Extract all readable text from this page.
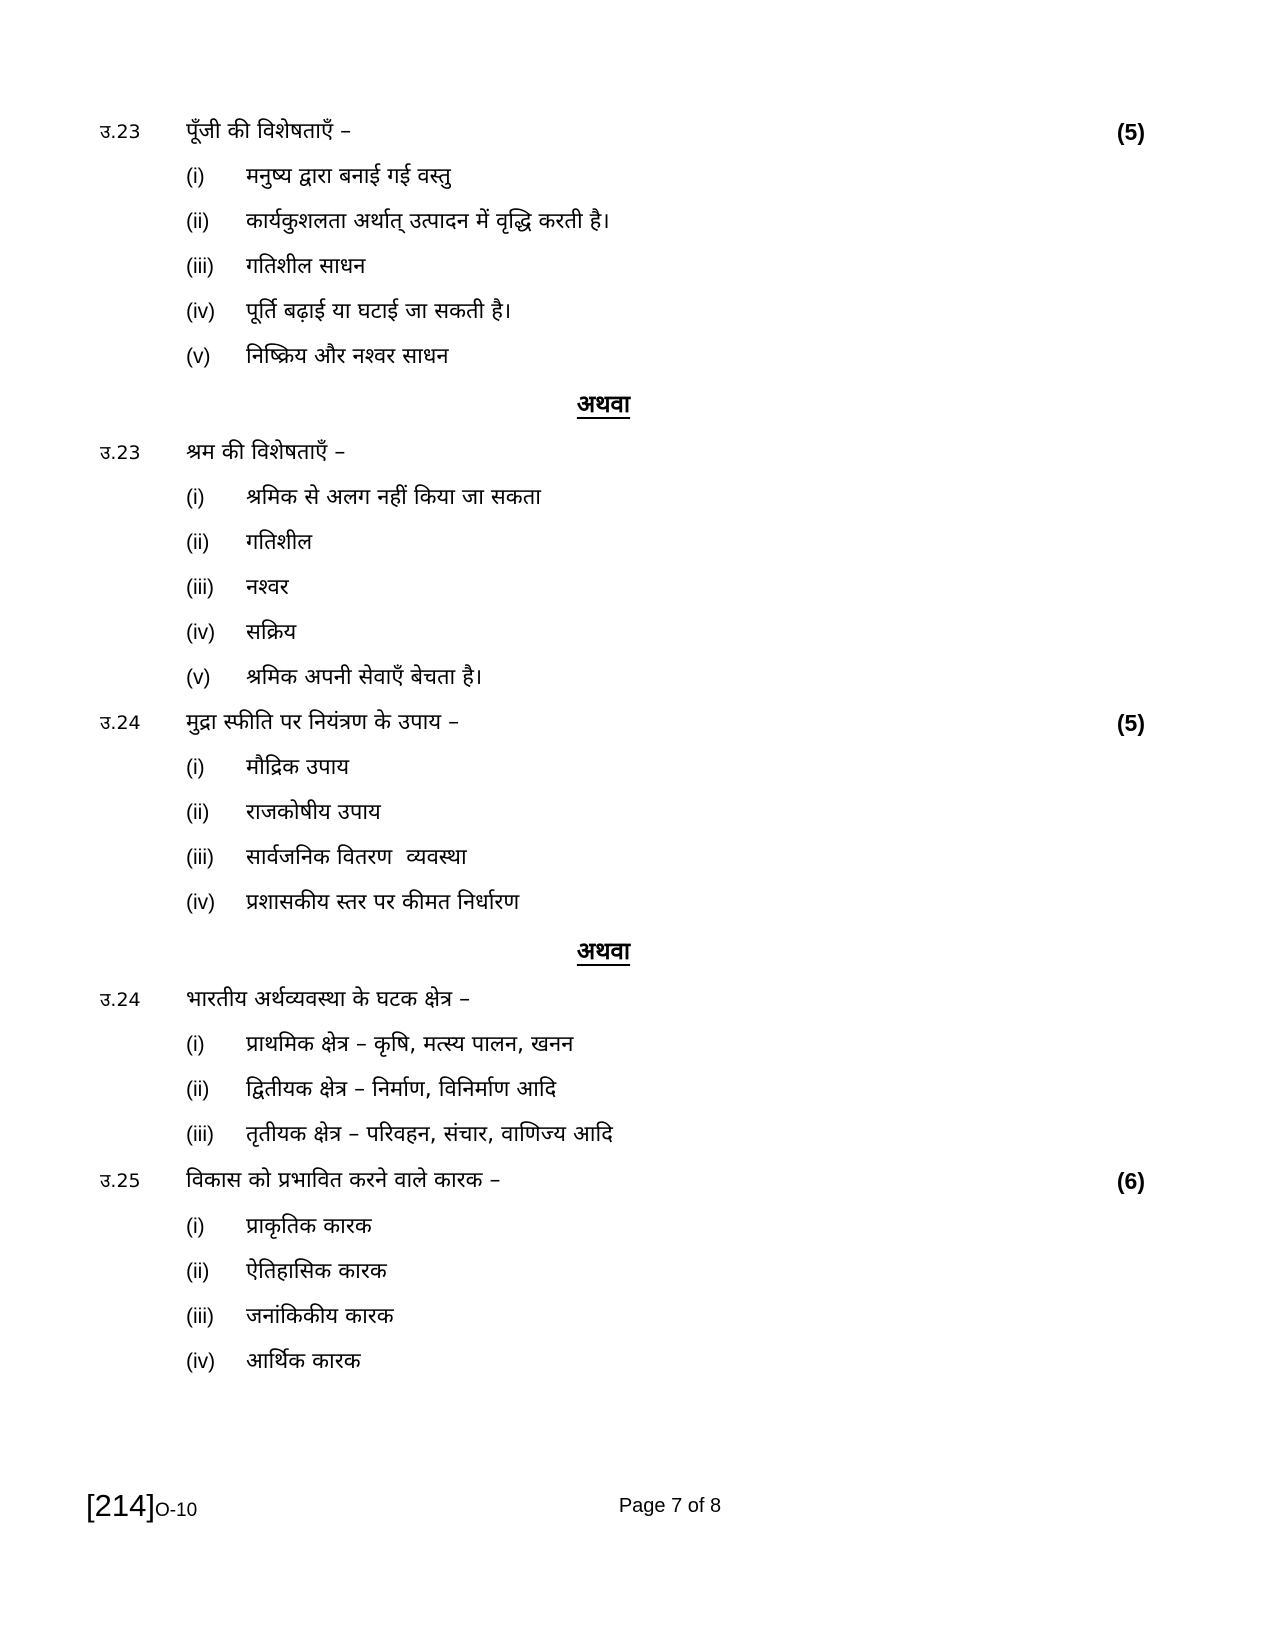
उ.23	पूँजी की विशेषताएँ –	(5)
(i) मनुष्य द्वारा बनाई गई वस्तु
(ii) कार्यकुशलता अर्थात् उत्पादन में वृद्धि करती है।
(iii) गतिशील साधन
(iv) पूर्ति बढ़ाई या घटाई जा सकती है।
(v) निष्क्रिय और नश्वर साधन
अथवा
उ.23	श्रम की विशेषताएँ –
(i) श्रमिक से अलग नहीं किया जा सकता
(ii) गतिशील
(iii) नश्वर
(iv) सक्रिय
(v) श्रमिक अपनी सेवाएँ बेचता है।
उ.24	मुद्रा स्फीति पर नियंत्रण के उपाय –	(5)
(i) मौद्रिक उपाय
(ii) राजकोषीय उपाय
(iii) सार्वजनिक वितरण  व्यवस्था
(iv) प्रशासकीय स्तर पर कीमत निर्धारण
अथवा
उ.24	भारतीय अर्थव्यवस्था के घटक क्षेत्र –
(i) प्राथमिक क्षेत्र – कृषि, मत्स्य पालन, खनन
(ii) द्वितीयक क्षेत्र – निर्माण, विनिर्माण आदि
(iii) तृतीयक क्षेत्र – परिवहन, संचार, वाणिज्य आदि
उ.25	विकास को प्रभावित करने वाले कारक –	(6)
(i) प्राकृतिक कारक
(ii) ऐतिहासिक कारक
(iii) जनांकिकीय कारक
(iv) आर्थिक कारक
[214]O-10	Page 7 of 8
